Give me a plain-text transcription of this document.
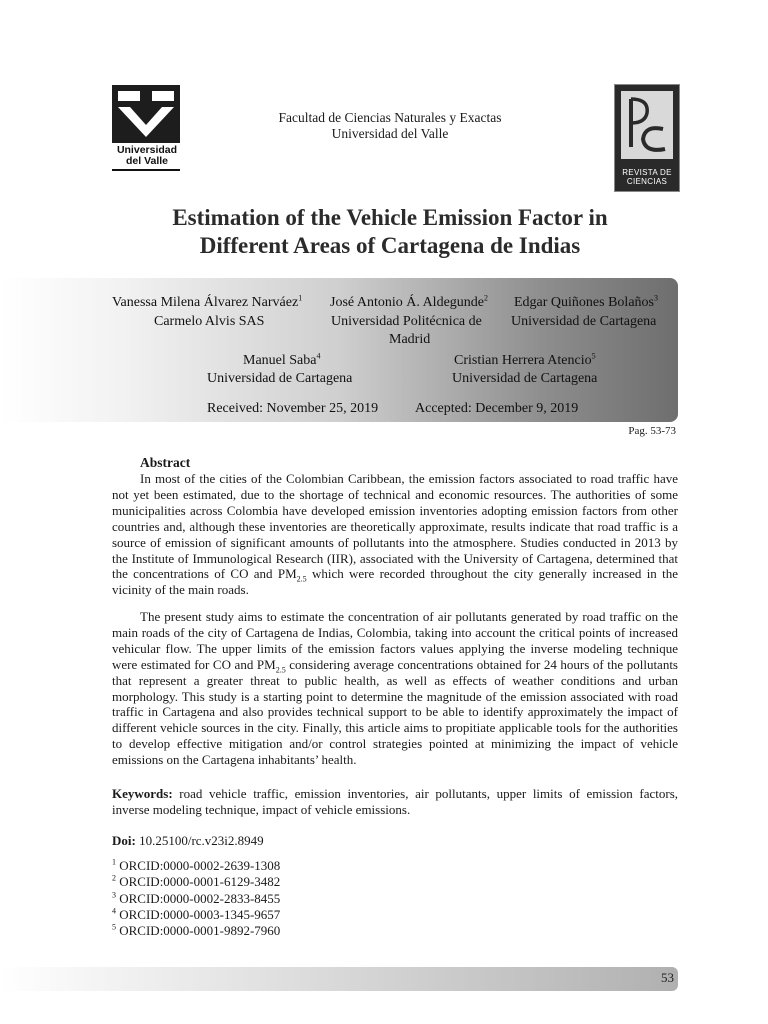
Universidad
del Valle
Facultad de Ciencias Naturales y Exactas
Universidad del Valle
REVISTA DE
CIENCIAS
Estimation of the Vehicle Emission Factor in
Different Areas of Cartagena de Indias
Vanessa Milena Álvarez Narváez$^1$
Carmelo Alvis SAS
José Antonio Á. Aldegunde$^2$
Universidad Politécnica de
Madrid
Edgar Quiñones Bolaños$^3$
Universidad de Cartagena
Manuel Saba$^4$
Universidad de Cartagena
Cristian Herrera Atencio$^5$
Universidad de Cartagena
Received: November 25, 2019	Accepted: December 9, 2019
Pag. 53-73
Abstract
In most of the cities of the Colombian Caribbean, the emission factors associated to road traffic have not yet been estimated, due to the shortage of technical and economic resources. The authorities of some municipalities across Colombia have developed emission inventories adopting emission factors from other countries and, although these inventories are theoretically approximate, results indicate that road traffic is a source of emission of significant amounts of pollutants into the atmosphere. Studies conducted in 2013 by the Institute of Immunological Research (IIR), associated with the University of Cartagena, determined that the concentrations of CO and $PM_{2.5}$ which were recorded throughout the city generally increased in the vicinity of the main roads.
The present study aims to estimate the concentration of air pollutants generated by road traffic on the main roads of the city of Cartagena de Indias, Colombia, taking into account the critical points of increased vehicular flow. The upper limits of the emission factors values applying the inverse modeling technique were estimated for CO and $PM_{2.5}$ considering average concentrations obtained for 24 hours of the pollutants that represent a greater threat to public health, as well as effects of weather conditions and urban morphology. This study is a starting point to determine the magnitude of the emission associated with road traffic in Cartagena and also provides technical support to be able to identify approximately the impact of different vehicle sources in the city. Finally, this article aims to propitiate applicable tools for the authorities to develop effective mitigation and/or control strategies pointed at minimizing the impact of vehicle emissions on the Cartagena inhabitants’ health.
Keywords: road vehicle traffic, emission inventories, air pollutants, upper limits of emission factors, inverse modeling technique, impact of vehicle emissions.
Doi: 10.25100/rc.v23i2.8949
$^1$ ORCID:0000-0002-2639-1308
$^2$ ORCID:0000-0001-6129-3482
$^3$ ORCID:0000-0002-2833-8455
$^4$ ORCID:0000-0003-1345-9657
$^5$ ORCID:0000-0001-9892-7960
53
